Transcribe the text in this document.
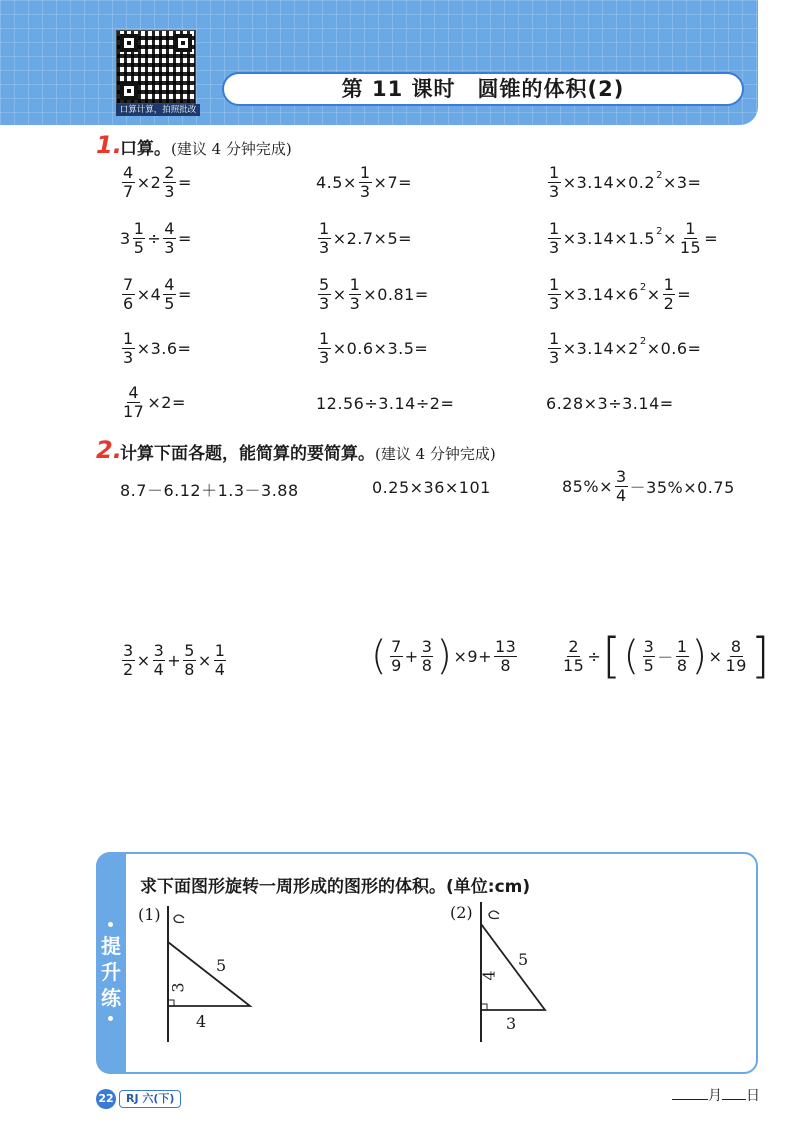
口算计算，拍照批改
第 11 课时 圆锥的体积(2)
1.
口算。(建议 4 分钟完成)
$\frac{4}{7} \times 2 \frac{2}{3}$ =	$4.5 \times \frac{1}{3} \times 7$ =	$\frac{1}{3} \times 3.14 \times 0.2$ 2 × 3 =
$3 \frac{1}{5} \div \frac{4}{3}$ =	$\frac{1}{3} \times 2.7 \times 5$ =	$\frac{1}{3} \times 3.14 \times 1.5$ $2 \times \frac{1}{15}$ =
$\frac{7}{6} \times 4 \frac{4}{5}$ =	$\frac{5}{3} \times \frac{1}{3} \times 0.81$ =	$\frac{1}{3} \times 3.14 \times 6$ $2 \times \frac{1}{2}$ =
$\frac{1}{3} \times 3.6$ =	$\frac{1}{3} \times 0.6 \times 3.5$ =	$\frac{1}{3} \times 3.14 \times 2$ 2 × 0.6 =
$\frac{4}{17} \times 2$ =	12.56 ÷ 3.14 ÷ 2 =	6.28 × 3 ÷ 3.14 =
2.
计算下面各题，能简算的要简算。(建议 4 分钟完成)
8.7－6.12＋1.3－3.88	0.25×36×101	$85\%\times \frac{3}{4} -35\%\times 0.75$
$\frac{3}{2} \times \frac{3}{4} + \frac{5}{8} \times \frac{1}{4}$	( $\frac{7}{9} + \frac{3}{8}$ ) × $9 + \frac{13}{8}$	$\frac{2}{15}$ ÷ [ ( $\frac{3}{5} - \frac{1}{8}$ ) × $\frac{8}{19}$ ]
提
升
练
求下面图形旋转一周形成的图形的体积。(单位:cm)
(1)
3
4
5
(2)
4
3
5
22	RJ 六(下)	月 日
